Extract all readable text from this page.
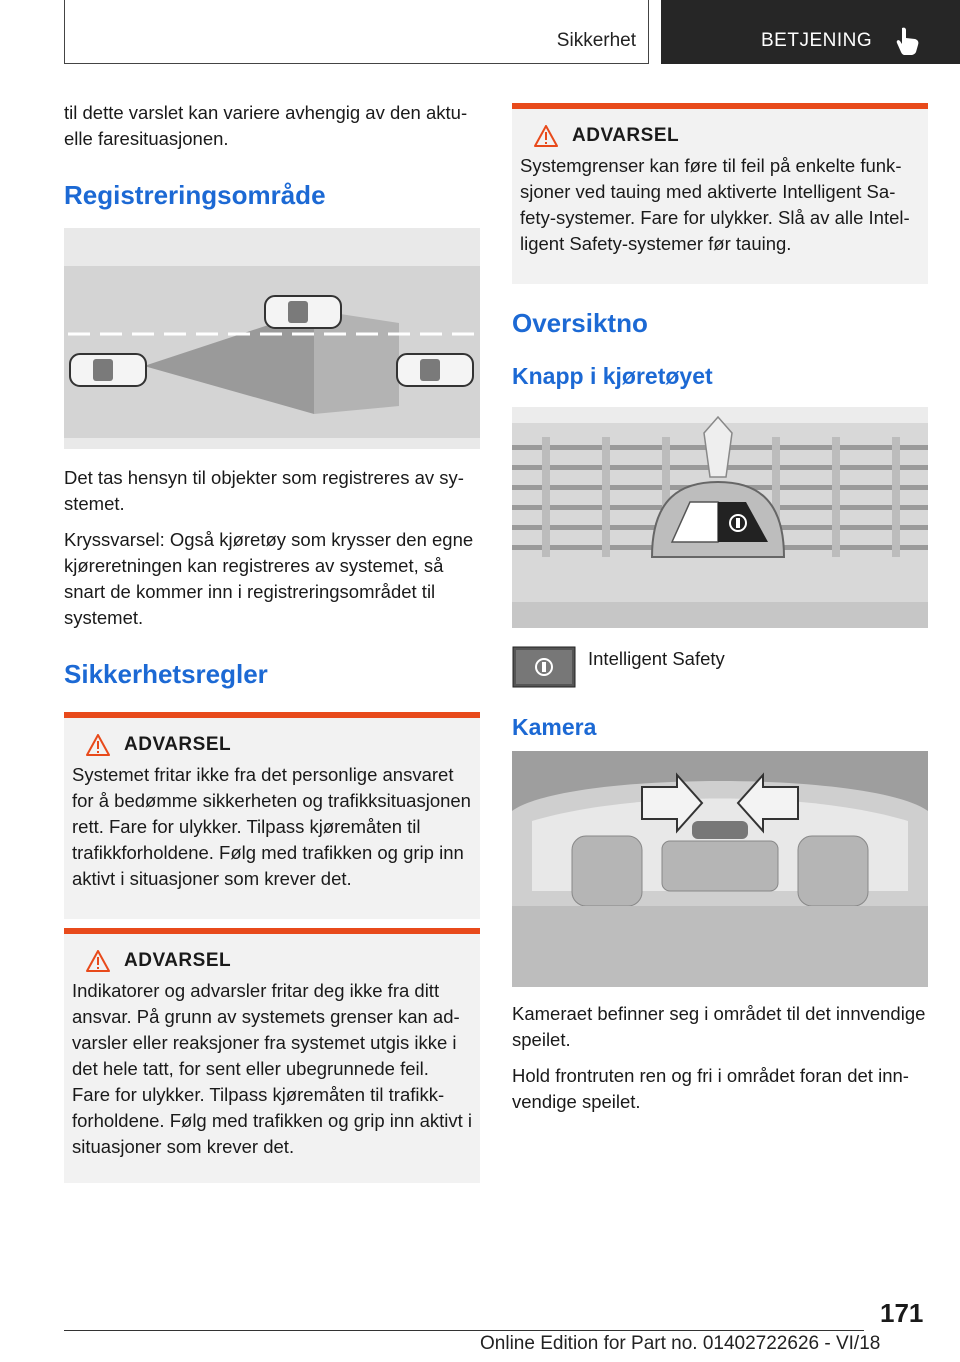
Sikkerhet	BETJENING

til dette varslet kan variere avhengig av den aktuelle faresituasjonen.

Registreringsområde

Det tas hensyn til objekter som registreres av systemet.

Kryssvarsel: Også kjøretøy som krysser den egne kjøreretningen kan registreres av systemet, så snart de kommer inn i registreringsområdet til systemet.

Sikkerhetsregler
ADVARSEL

Systemet fritar ikke fra det personlige ansvaret for å bedømme sikkerheten og trafikksituasjonen rett. Fare for ulykker. Tilpass kjøremåten til trafikkforholdene. Følg med trafikken og grip inn aktivt i situasjoner som krever det.

ADVARSEL

Indikatorer og advarsler fritar deg ikke fra ditt ansvar. På grunn av systemets grenser kan advarsler eller reaksjoner fra systemet utgis ikke i det hele tatt, for sent eller ubegrunnede feil. Fare for ulykker. Tilpass kjøremåten til trafikkforholdene. Følg med trafikken og grip inn aktivt i situasjoner som krever det.

ADVARSEL

Systemgrenser kan føre til feil på enkelte funksjoner ved tauing med aktiverte Intelligent Safety-systemer. Fare for ulykker. Slå av alle Intelligent Safety-systemer før tauing.

Oversiktno
Knapp i kjøretøyet

Intelligent Safety

Kamera

Kameraet befinner seg i området til det innvendige speilet.

Hold frontruten ren og fri i området foran det innvendige speilet.

171
Online Edition for Part no. 01402722626 - VI/18
